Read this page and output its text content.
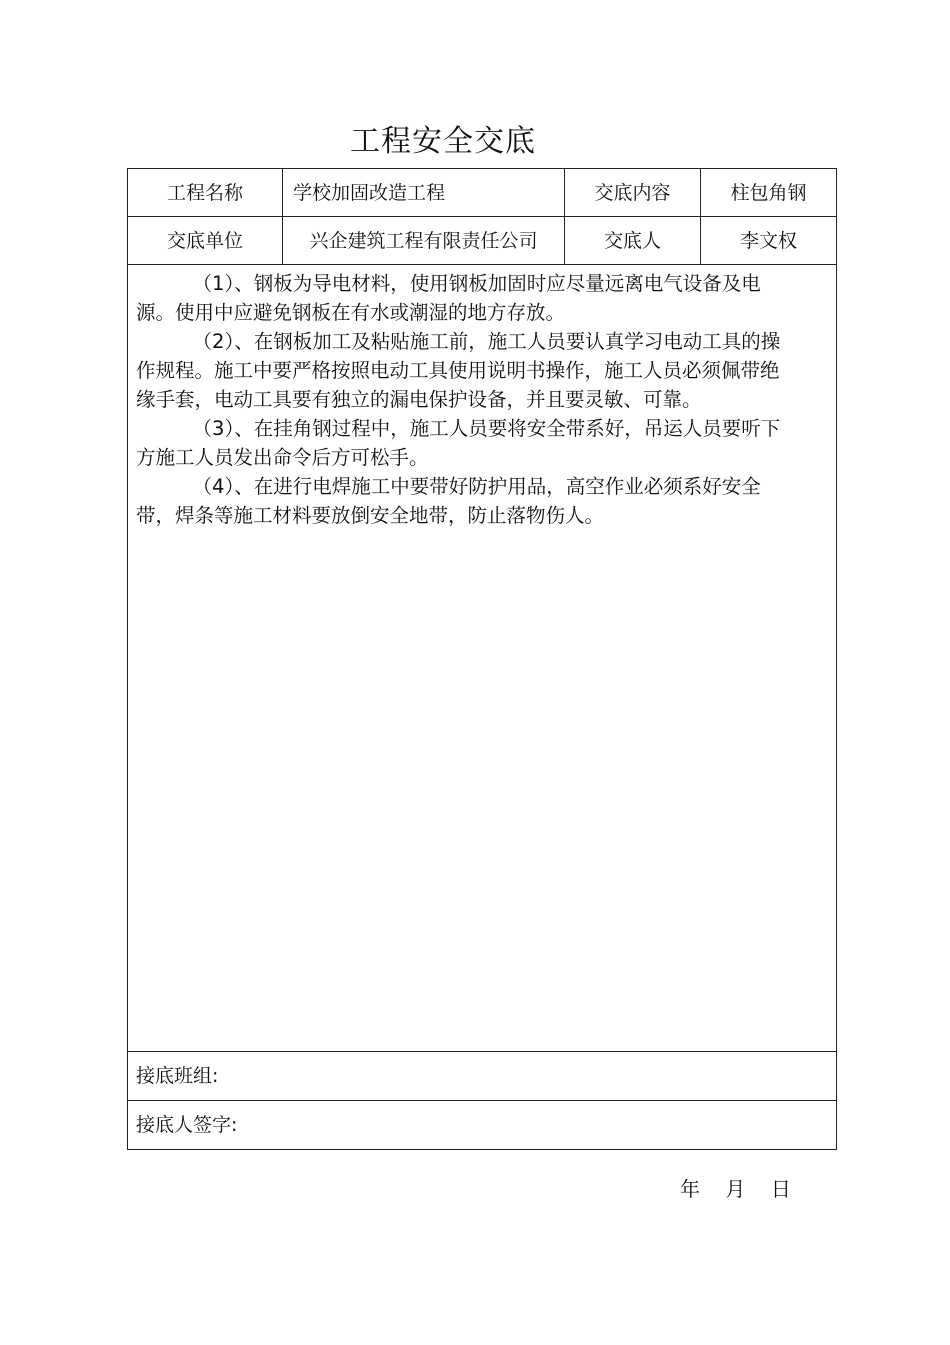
工程安全交底
工程名称	学校加固改造工程	交底内容	柱包角钢
交底单位	兴企建筑工程有限责任公司	交底人	李文权

（1）、钢板为导电材料，使用钢板加固时应尽量远离电气设备及电源。使用中应避免钢板在有水或潮湿的地方存放。

（2）、在钢板加工及粘贴施工前，施工人员要认真学习电动工具的操作规程。施工中要严格按照电动工具使用说明书操作，施工人员必须佩带绝缘手套，电动工具要有独立的漏电保护设备，并且要灵敏、可靠。

（3）、在挂角钢过程中，施工人员要将安全带系好，吊运人员要听下方施工人员发出命令后方可松手。

（4）、在进行电焊施工中要带好防护用品，高空作业必须系好安全带，焊条等施工材料要放倒安全地带，防止落物伤人。			

接底班组:			
接底人签字:			
年    月    日
